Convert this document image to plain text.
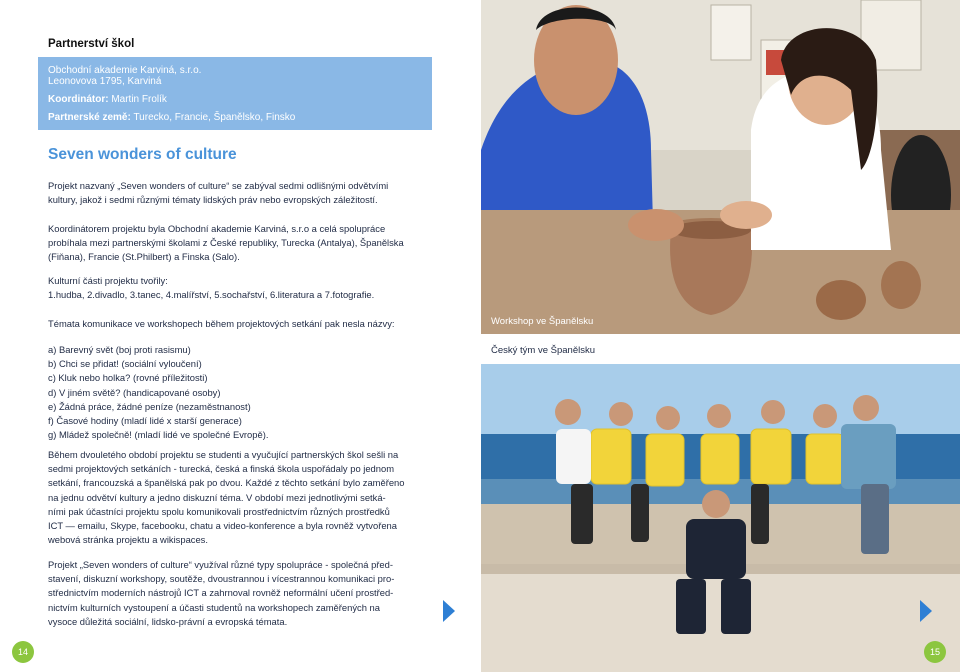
Partnerství škol
Obchodní akademie Karviná, s.r.o.
Leonovova 1795, Karviná
Koordinátor: Martin Frolík
Partnerské země: Turecko, Francie, Španělsko, Finsko
Seven wonders of culture

Projekt nazvaný „Seven wonders of culture“ se zabýval sedmi odlišnými odvětvími

kultury, jakož i sedmi různými tématy lidských práv nebo evropských záležitostí.

Koordinátorem projektu byla Obchodní akademie Karviná, s.r.o a celá spolupráce

probíhala mezi partnerskými školami z České republiky, Turecka (Antalya), Španělska

(Fiňana), Francie (St.Philbert) a Finska (Salo).

Kulturní části projektu tvořily:

1.hudba, 2.divadlo, 3.tanec, 4.malířství, 5.sochařství, 6.literatura a 7.fotografie.

Témata komunikace ve workshopech během projektových setkání pak nesla názvy:

a) Barevný svět (boj proti rasismu)

b) Chci se přidat! (sociální vyloučení)

c) Kluk nebo holka? (rovné příležitosti)

d) V jiném světě? (handicapované osoby)

e) Žádná práce, žádné peníze (nezaměstnanost)

f) Časové hodiny (mladí lidé x starší generace)

g) Mládež společně! (mladí lidé ve společné Evropě).

Během dvouletého období projektu se studenti a vyučující partnerských škol sešli na

sedmi projektových setkáních - turecká, česká a finská škola uspořádaly po jednom

setkání, francouzská a španělská pak po dvou. Každé z těchto setkání bylo zaměřeno

na jednu odvětví kultury a jedno diskuzní téma. V období mezi jednotlivými setká-

ními pak účastníci projektu spolu komunikovali prostřednictvím různých prostředků

ICT — emailu, Skype, facebooku, chatu a video-konference a byla rovněž vytvořena

webová stránka projektu a wikispaces.

Projekt „Seven wonders of culture“ využíval různé typy spolupráce - společná před-

stavení, diskuzní workshopy, soutěže, dvoustrannou i vícestrannou komunikaci pro-

střednictvím moderních nástrojů ICT a zahrnoval rovněž neformální učení prostřed-

nictvím kulturních vystoupení a účasti studentů na workshopech zaměřených na

vysoce důležitá sociální, lidsko-právní a evropská témata.

Workshop ve Španělsku
Český tým ve Španělsku
14	15
